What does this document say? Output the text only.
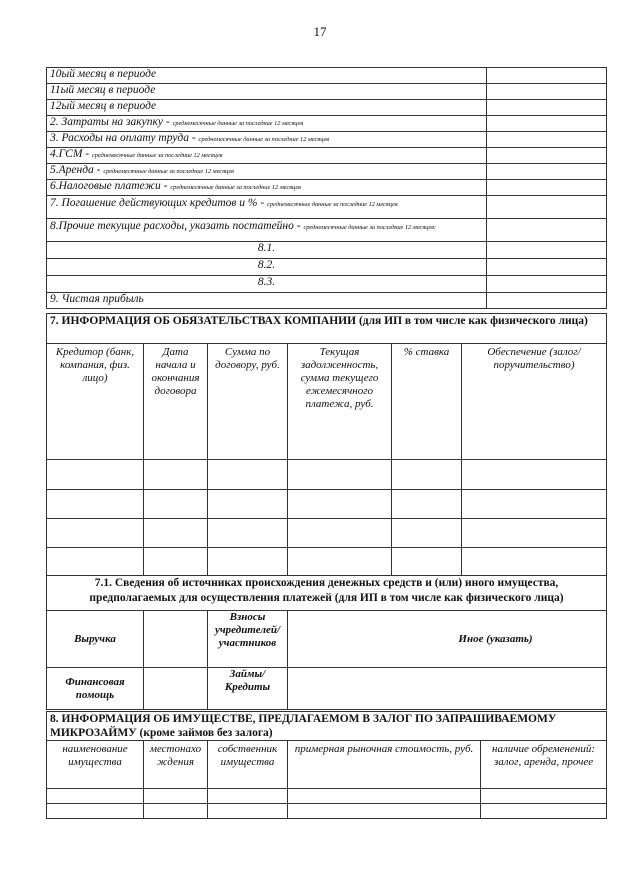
17
10ый месяц в периоде	
11ый месяц в периоде	
12ый месяц в периоде	
2. Затраты на закупку - среднемесячные данные за последние 12 месяцев	
3. Расходы на оплату труда - среднемесячные данные за последние 12 месяцев	
4.ГСМ - среднемесячные данные за последние 12 месяцев	
5.Аренда - среднемесячные данные за последние 12 месяцев	
6.Налоговые платежи - среднемесячные данные за последние 12 месяцев	
7. Погашение действующих кредитов и % - среднемесячные данные за последние 12 месяцев	
8.Прочие текущие расходы, указать постатейно - среднемесячные данные за последние 12 месяцев:	
8.1.	
8.2.	
8.3.	
9. Чистая прибыль	
7. ИНФОРМАЦИЯ ОБ ОБЯЗАТЕЛЬСТВАХ КОМПАНИИ (для ИП в том числе как физического лица)					
Кредитор (банк, компания, физ. лицо)	Дата начала и окончания договора	Сумма по договору, руб.	Текущая задолженность, сумма текущего ежемесячного платежа, руб.	% ставка	Обеспечение (залог/поручительство)

7.1. Сведения об источниках происхождения денежных средств и (или) иного имущества, предполагаемых для осуществления платежей (для ИП в том числе как физического лица)			
Выручка		Взносы учредителей/участников	Иное (указать)
Финансовая помощь		Займы/Кредиты	
8. ИНФОРМАЦИЯ ОБ ИМУЩЕСТВЕ, ПРЕДЛАГАЕМОМ В ЗАЛОГ ПО ЗАПРАШИВАЕМОМУ МИКРОЗАЙМУ (кроме займов без залога)				
наименование имущества	местонахождения	собственник имущества	примерная рыночная стоимость, руб.	наличие обременений: залог, аренда, прочее
